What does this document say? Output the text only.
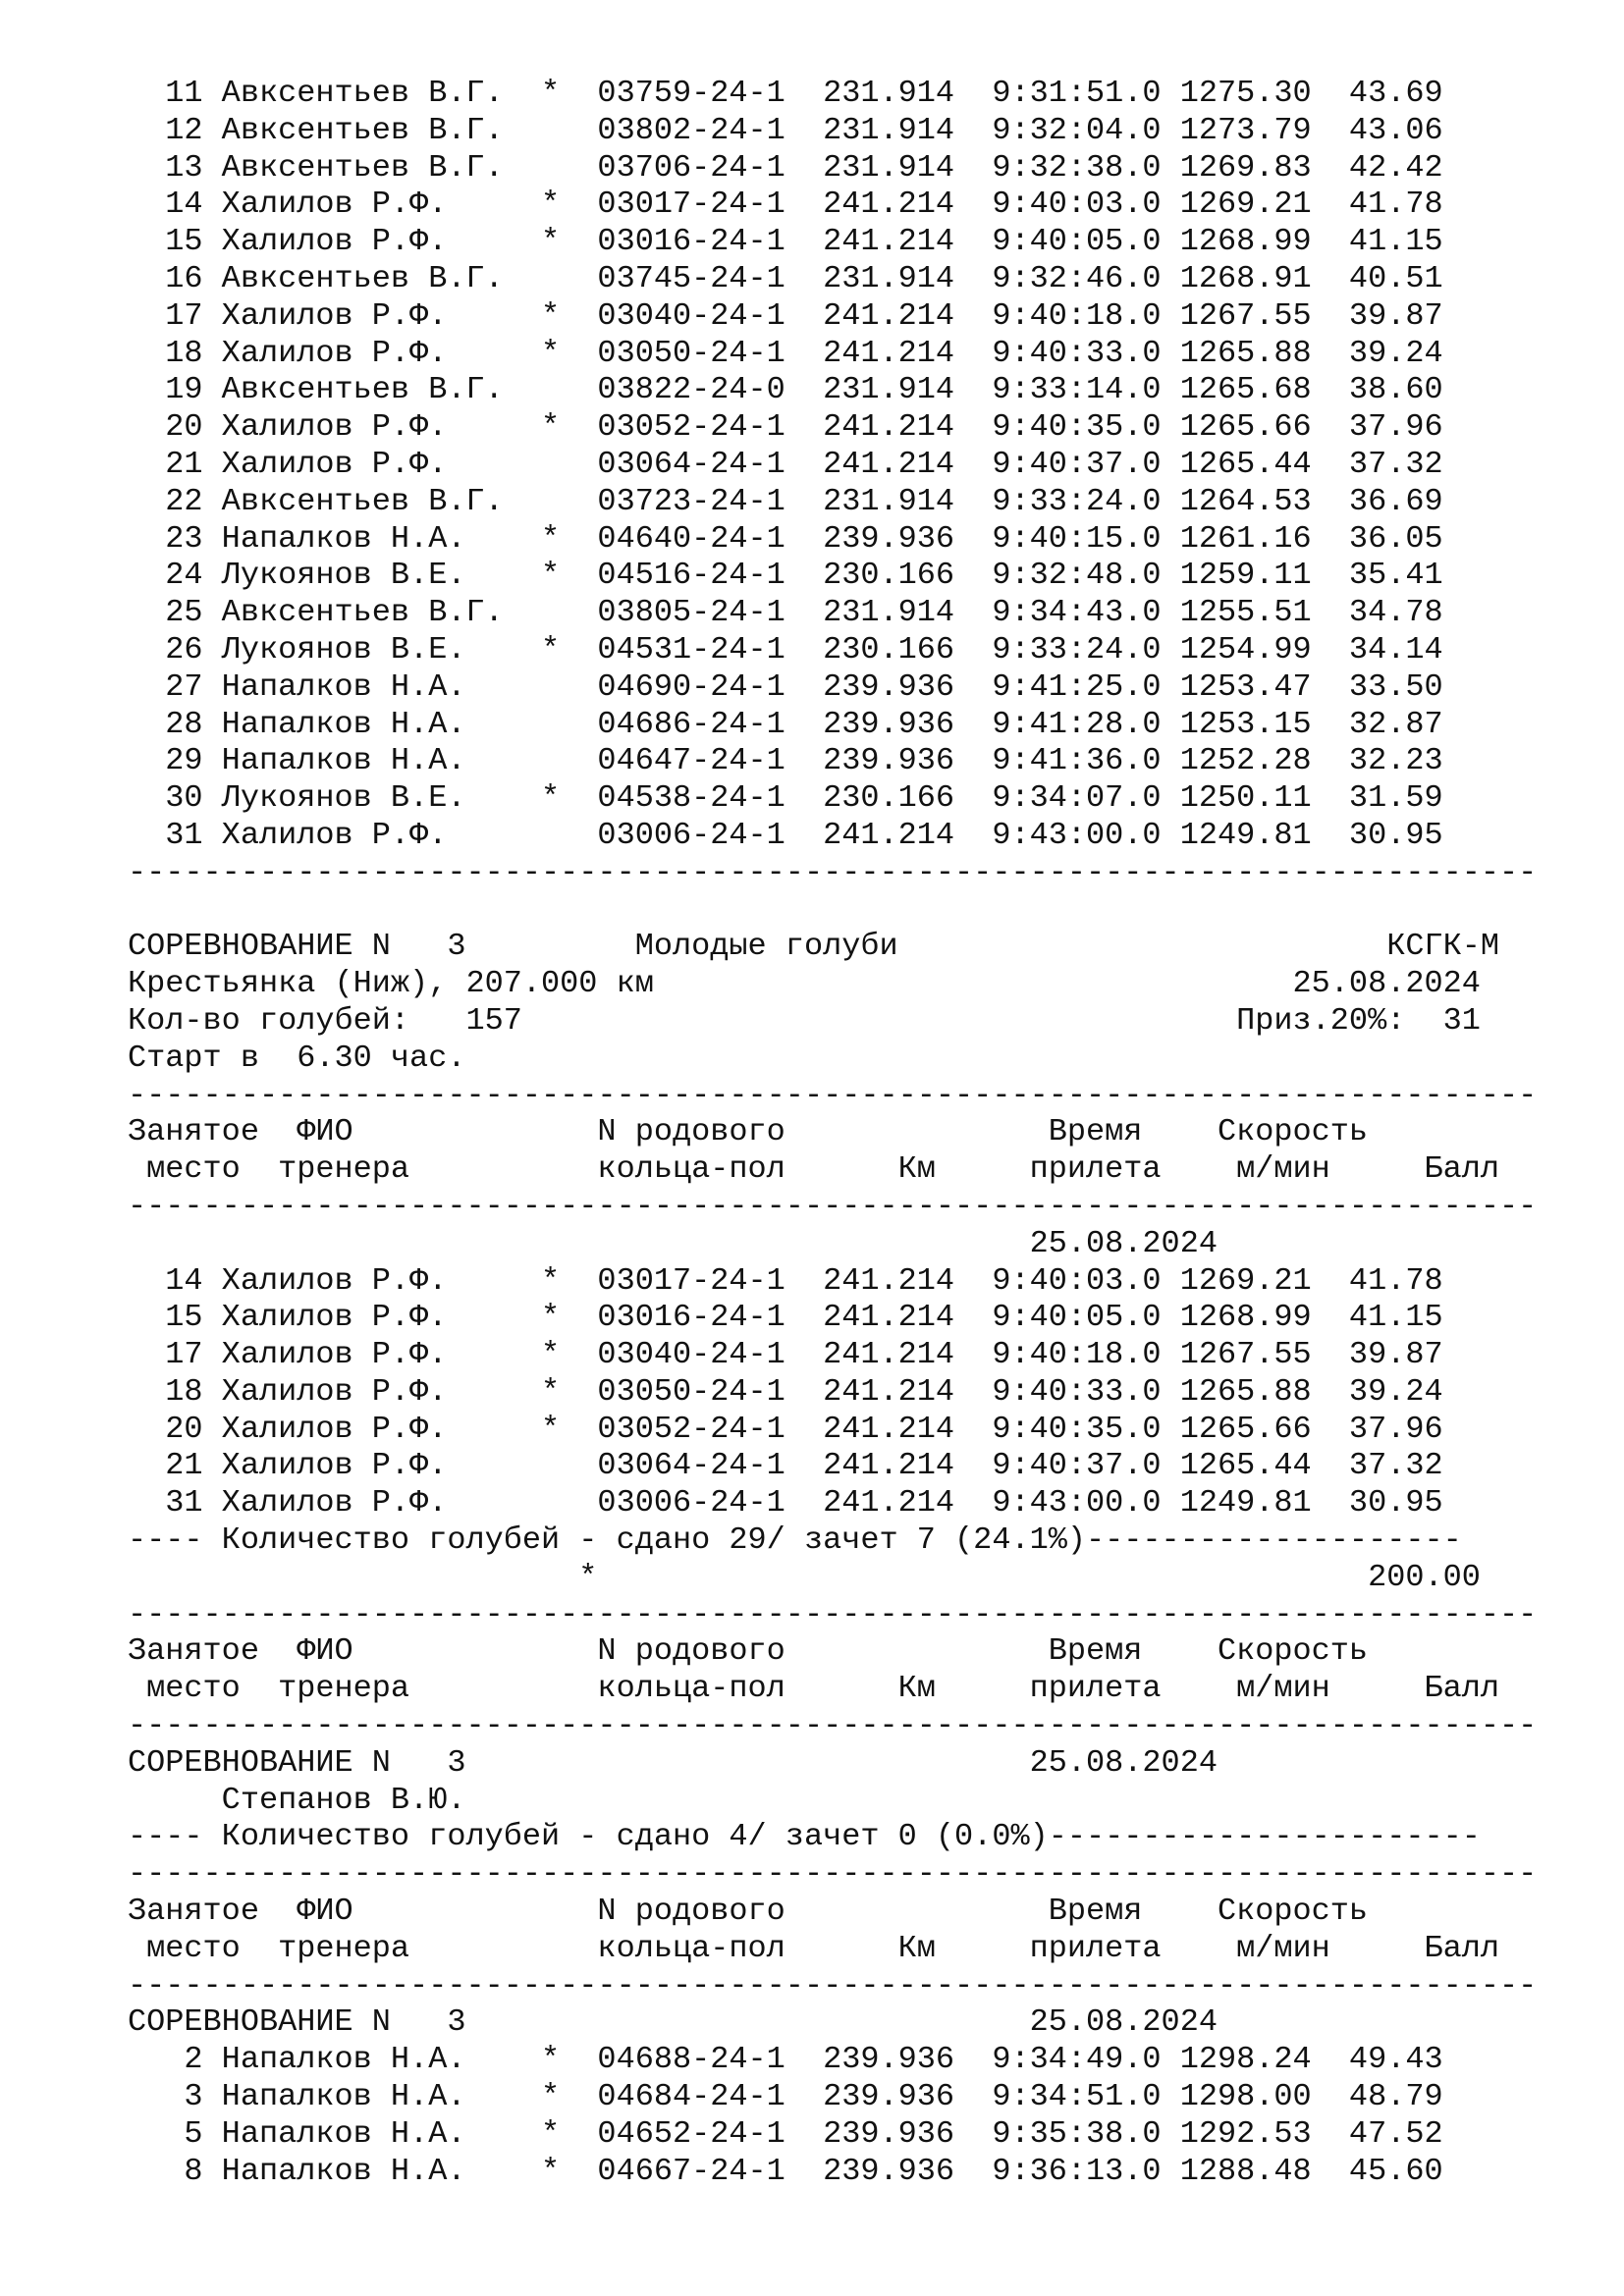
11 Авксентьев В.Г.  *  03759-24-1  231.914  9:31:51.0 1275.30  43.69
12 Авксентьев В.Г.     03802-24-1  231.914  9:32:04.0 1273.79  43.06
13 Авксентьев В.Г.     03706-24-1  231.914  9:32:38.0 1269.83  42.42
14 Халилов Р.Ф.     *  03017-24-1  241.214  9:40:03.0 1269.21  41.78
15 Халилов Р.Ф.     *  03016-24-1  241.214  9:40:05.0 1268.99  41.15
16 Авксентьев В.Г.     03745-24-1  231.914  9:32:46.0 1268.91  40.51
17 Халилов Р.Ф.     *  03040-24-1  241.214  9:40:18.0 1267.55  39.87
18 Халилов Р.Ф.     *  03050-24-1  241.214  9:40:33.0 1265.88  39.24
19 Авксентьев В.Г.     03822-24-0  231.914  9:33:14.0 1265.68  38.60
20 Халилов Р.Ф.     *  03052-24-1  241.214  9:40:35.0 1265.66  37.96
21 Халилов Р.Ф.        03064-24-1  241.214  9:40:37.0 1265.44  37.32
22 Авксентьев В.Г.     03723-24-1  231.914  9:33:24.0 1264.53  36.69
23 Напалков Н.А.    *  04640-24-1  239.936  9:40:15.0 1261.16  36.05
24 Лукоянов В.Е.    *  04516-24-1  230.166  9:32:48.0 1259.11  35.41
25 Авксентьев В.Г.     03805-24-1  231.914  9:34:43.0 1255.51  34.78
26 Лукоянов В.Е.    *  04531-24-1  230.166  9:33:24.0 1254.99  34.14
27 Напалков Н.А.       04690-24-1  239.936  9:41:25.0 1253.47  33.50
28 Напалков Н.А.       04686-24-1  239.936  9:41:28.0 1253.15  32.87
29 Напалков Н.А.       04647-24-1  239.936  9:41:36.0 1252.28  32.23
30 Лукоянов В.Е.    *  04538-24-1  230.166  9:34:07.0 1250.11  31.59
31 Халилов Р.Ф.        03006-24-1  241.214  9:43:00.0 1249.81  30.95
---------------------------------------------------------------------------
СОРЕВНОВАНИЕ N   3         Молодые голуби                          КСГК-М
Крестьянка (Ниж), 207.000 км                                  25.08.2024
Кол-во голубей:   157                                      Приз.20%:  31
Старт в  6.30 час.
---------------------------------------------------------------------------
Занятое  ФИО             N родового              Время    Скорость
место  тренера          кольца-пол      Км     прилета    м/мин     Балл
---------------------------------------------------------------------------
25.08.2024
14 Халилов Р.Ф.     *  03017-24-1  241.214  9:40:03.0 1269.21  41.78
15 Халилов Р.Ф.     *  03016-24-1  241.214  9:40:05.0 1268.99  41.15
17 Халилов Р.Ф.     *  03040-24-1  241.214  9:40:18.0 1267.55  39.87
18 Халилов Р.Ф.     *  03050-24-1  241.214  9:40:33.0 1265.88  39.24
20 Халилов Р.Ф.     *  03052-24-1  241.214  9:40:35.0 1265.66  37.96
21 Халилов Р.Ф.        03064-24-1  241.214  9:40:37.0 1265.44  37.32
31 Халилов Р.Ф.        03006-24-1  241.214  9:43:00.0 1249.81  30.95
---- Количество голубей - сдано 29/ зачет 7 (24.1%)--------------------
*                                         200.00
---------------------------------------------------------------------------
Занятое  ФИО             N родового              Время    Скорость
место  тренера          кольца-пол      Км     прилета    м/мин     Балл
---------------------------------------------------------------------------
СОРЕВНОВАНИЕ N   3                              25.08.2024
Степанов В.Ю.
---- Количество голубей - сдано 4/ зачет 0 (0.0%)-----------------------
---------------------------------------------------------------------------
Занятое  ФИО             N родового              Время    Скорость
место  тренера          кольца-пол      Км     прилета    м/мин     Балл
---------------------------------------------------------------------------
СОРЕВНОВАНИЕ N   3                              25.08.2024
2 Напалков Н.А.    *  04688-24-1  239.936  9:34:49.0 1298.24  49.43
3 Напалков Н.А.    *  04684-24-1  239.936  9:34:51.0 1298.00  48.79
5 Напалков Н.А.    *  04652-24-1  239.936  9:35:38.0 1292.53  47.52
8 Напалков Н.А.    *  04667-24-1  239.936  9:36:13.0 1288.48  45.60
